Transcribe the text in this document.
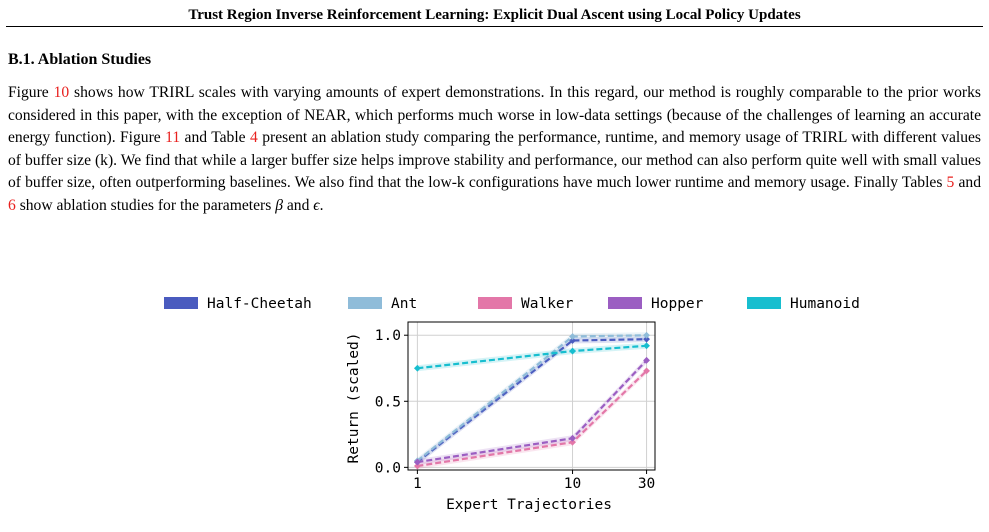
Trust Region Inverse Reinforcement Learning: Explicit Dual Ascent using Local Policy Updates
B.1. Ablation Studies

Figure 10 shows how TRIRL scales with varying amounts of expert demonstrations. In this regard, our method is roughly comparable to the prior works considered in this paper, with the exception of NEAR, which performs much worse in low-data settings (because of the challenges of learning an accurate energy function). Figure 11 and Table 4 present an ablation study comparing the performance, runtime, and memory usage of TRIRL with different values of buffer size (k). We find that while a larger buffer size helps improve stability and performance, our method can also perform quite well with small values of buffer size, often outperforming baselines. We also find that the low-k configurations have much lower runtime and memory usage. Finally Tables 5 and 6 show ablation studies for the parameters β and ϵ.

Half-Cheetah	Ant	Walker	Hopper	Humanoid
0.0
0.5
1.0
1	10	30
Return (scaled)
Expert Trajectories
